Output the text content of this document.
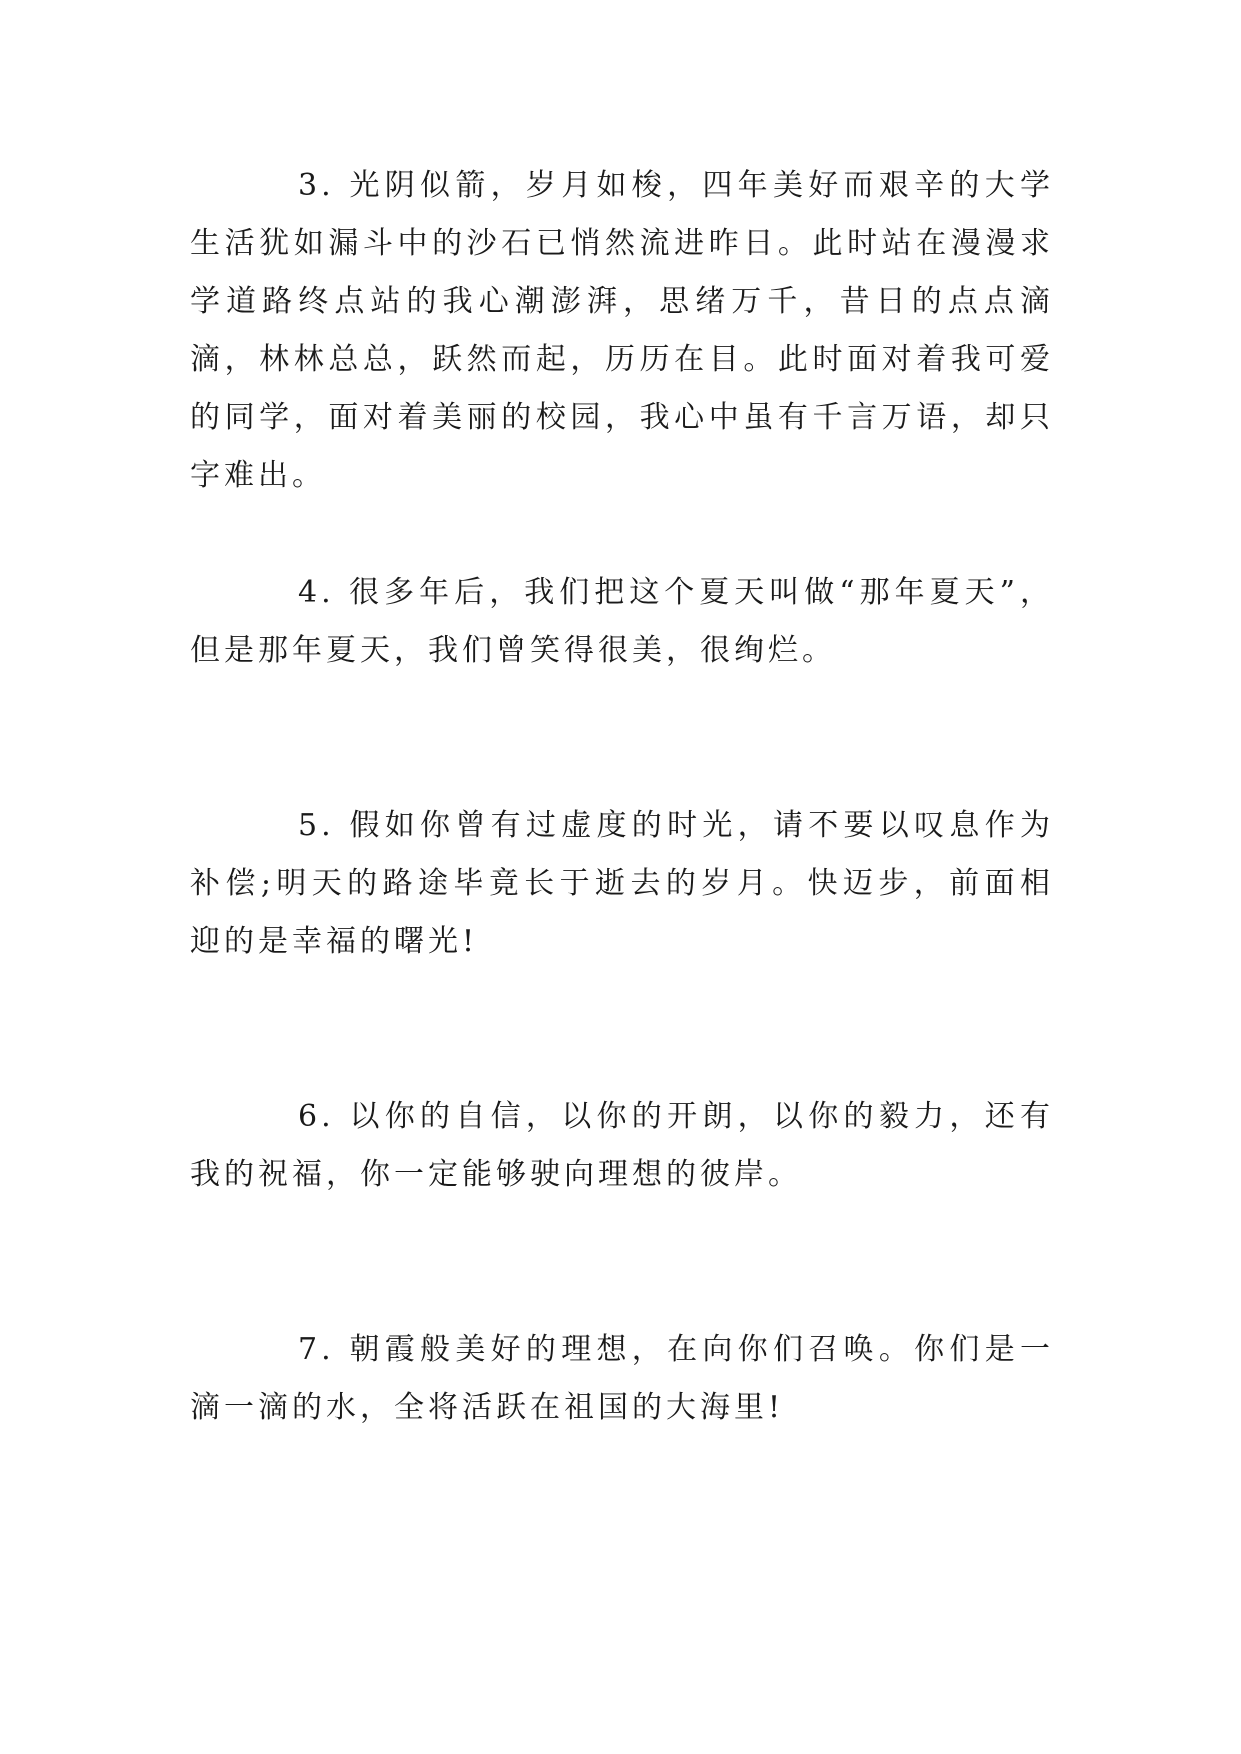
3. 光阴似箭，岁月如梭，四年美好而艰辛的大学生活犹如漏斗中的沙石已悄然流进昨日。此时站在漫漫求学道路终点站的我心潮澎湃，思绪万千，昔日的点点滴滴，林林总总，跃然而起，历历在目。此时面对着我可爱的同学，面对着美丽的校园，我心中虽有千言万语，却只字难出。

4. 很多年后，我们把这个夏天叫做“那年夏天”，但是那年夏天，我们曾笑得很美，很绚烂。

5. 假如你曾有过虚度的时光，请不要以叹息作为补偿;明天的路途毕竟长于逝去的岁月。快迈步，前面相迎的是幸福的曙光!

6. 以你的自信，以你的开朗，以你的毅力，还有我的祝福，你一定能够驶向理想的彼岸。

7. 朝霞般美好的理想，在向你们召唤。你们是一滴一滴的水，全将活跃在祖国的大海里!
